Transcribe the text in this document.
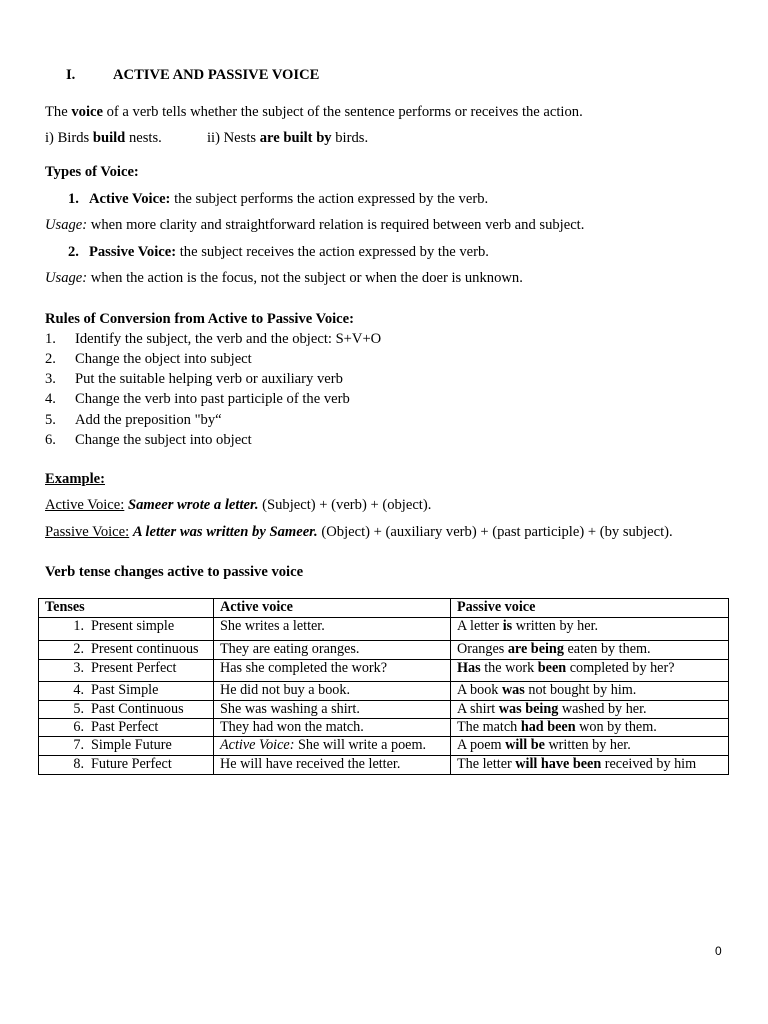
I.	ACTIVE AND PASSIVE VOICE
The voice of a verb tells whether the subject of the sentence performs or receives the action.
i) Birds build nests.	ii) Nests are built by birds.
Types of Voice:
1. Active Voice: the subject performs the action expressed by the verb.
Usage: when more clarity and straightforward relation is required between verb and subject.
2. Passive Voice: the subject receives the action expressed by the verb.
Usage: when the action is the focus, not the subject or when the doer is unknown.
Rules of Conversion from Active to Passive Voice:
1. Identify the subject, the verb and the object: S+V+O
2. Change the object into subject
3. Put the suitable helping verb or auxiliary verb
4. Change the verb into past participle of the verb
5. Add the preposition "by“
6. Change the subject into object
Example:
Active Voice: Sameer wrote a letter. (Subject) + (verb) + (object).
Passive Voice: A letter was written by Sameer. (Object) + (auxiliary verb) + (past participle) + (by subject).
Verb tense changes active to passive voice
Tenses	Active voice	Passive voice
1. Present simple	She writes a letter.	A letter is written by her.
2. Present continuous	They are eating oranges.	Oranges are being eaten by them.
3. Present Perfect	Has she completed the work?	Has the work been completed by her?
4. Past Simple	He did not buy a book.	A book was not bought by him.
5. Past Continuous	She was washing a shirt.	A shirt was being washed by her.
6. Past Perfect	They had won the match.	The match had been won by them.
7. Simple Future	Active Voice: She will write a poem.	A poem will be written by her.
8. Future Perfect	He will have received the letter.	The letter will have been received by him
0
